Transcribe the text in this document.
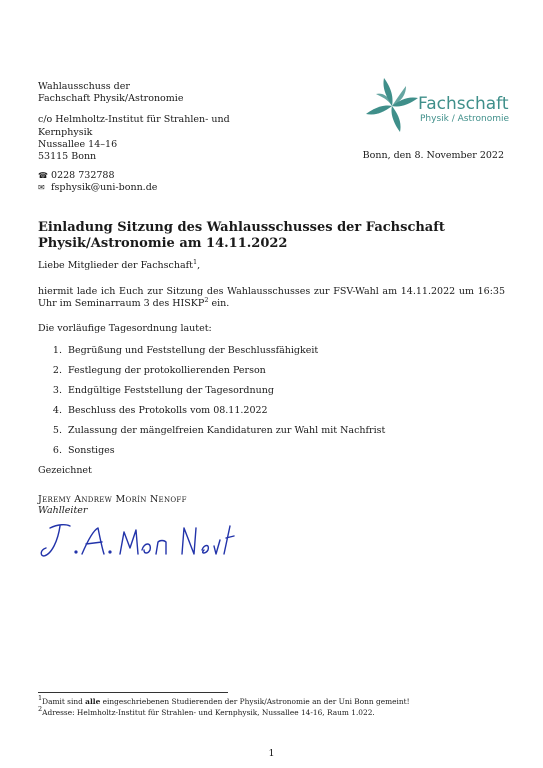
Wahlausschuss der
Fachschaft Physik/Astronomie
c/o Helmholtz-Institut für Strahlen- und
Kernphysik
Nussallee 14–16
53115 Bonn
☎ 0228 732788
✉ fsphysik@uni-bonn.de
Fachschaft
Physik / Astronomie
Bonn, den 8. November 2022
Einladung Sitzung des Wahlausschusses der Fachschaft
Physik/Astronomie am 14.11.2022
Liebe Mitglieder der Fachschaft$^1$,
hiermit lade ich Euch zur Sitzung des Wahlausschusses zur FSV-Wahl am 14.11.2022 um 16:35 Uhr im Seminarraum 3 des HISKP$^2$ ein.
Die vorläufige Tagesordnung lautet:
1. Begrüßung und Feststellung der Beschlussfähigkeit
2. Festlegung der protokollierenden Person
3. Endgültige Feststellung der Tagesordnung
4. Beschluss des Protokolls vom 08.11.2022
5. Zulassung der mängelfreien Kandidaturen zur Wahl mit Nachfrist
6. Sonstiges
Gezeichnet
Jeremy Andrew Morín Nenoff
Wahlleiter
$^1$Damit sind alle eingeschriebenen Studierenden der Physik/Astronomie an der Uni Bonn gemeint!
$^2$Adresse: Helmholtz-Institut für Strahlen- und Kernphysik, Nussallee 14-16, Raum 1.022.
1
